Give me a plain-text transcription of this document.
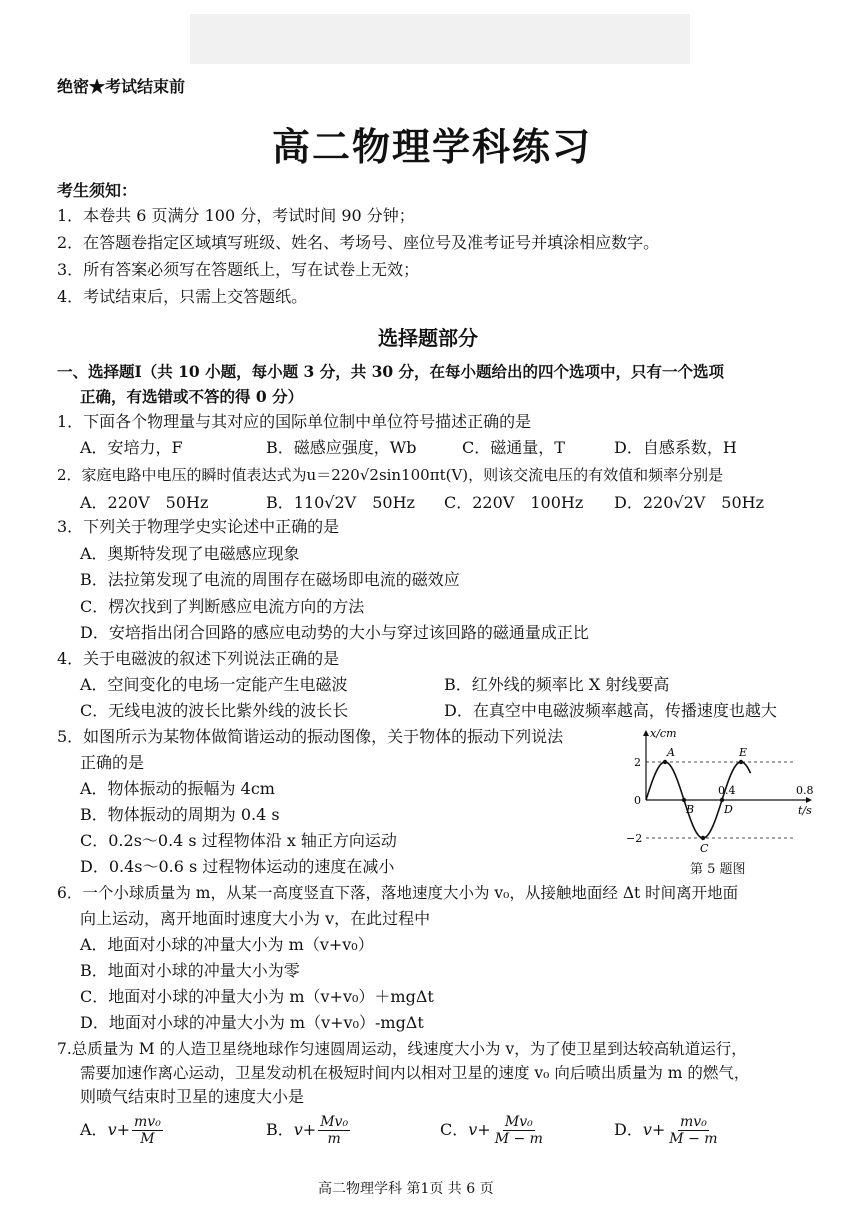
绝密★考试结束前
高二物理学科练习
考生须知：
1．本卷共 6 页满分 100 分，考试时间 90 分钟；
2．在答题卷指定区域填写班级、姓名、考场号、座位号及准考证号并填涂相应数字。
3．所有答案必须写在答题纸上，写在试卷上无效；
4．考试结束后，只需上交答题纸。
选择题部分
一、选择题Ⅰ（共 10 小题，每小题 3 分，共 30 分，在每小题给出的四个选项中，只有一个选项
正确，有选错或不答的得 0 分）
1．下面各个物理量与其对应的国际单位制中单位符号描述正确的是
A．安培力，F	B．磁感应强度，Wb	C．磁通量，T	D．自感系数，H
2．家庭电路中电压的瞬时值表达式为u＝220√2sin100πt(V)，则该交流电压的有效值和频率分别是
A．220V　50Hz	B．110√2V　50Hz C．220V　100Hz D．220√2V　50Hz
3．下列关于物理学史实论述中正确的是
A．奥斯特发现了电磁感应现象
B．法拉第发现了电流的周围存在磁场即电流的磁效应
C．楞次找到了判断感应电流方向的方法
D．安培指出闭合回路的感应电动势的大小与穿过该回路的磁通量成正比
4．关于电磁波的叙述下列说法正确的是
A．空间变化的电场一定能产生电磁波	B．红外线的频率比 X 射线要高
C．无线电波的波长比紫外线的波长长	D．在真空中电磁波频率越高，传播速度也越大
5．如图所示为某物体做简谐运动的振动图像，关于物体的振动下列说法
正确的是
A．物体振动的振幅为 4cm
B．物体振动的周期为 0.4 s
C．0.2s～0.4 s 过程物体沿 x 轴正方向运动
D．0.4s～0.6 s 过程物体运动的速度在减小
x/cm
t/s
2
0
−2
0.4	0.8
A
B
C
D
E
第 5 题图
6．一个小球质量为 m，从某一高度竖直下落，落地速度大小为 v₀，从接触地面经 Δt 时间离开地面
向上运动，离开地面时速度大小为 v，在此过程中
A．地面对小球的冲量大小为 m（v+v₀）
B．地面对小球的冲量大小为零
C．地面对小球的冲量大小为 m（v+v₀）＋mgΔt
D．地面对小球的冲量大小为 m（v+v₀）-mgΔt
7.总质量为 M 的人造卫星绕地球作匀速圆周运动，线速度大小为 v，为了使卫星到达较高轨道运行，
需要加速作离心运动，卫星发动机在极短时间内以相对卫星的速度 v₀ 向后喷出质量为 m 的燃气，
则喷气结束时卫星的速度大小是
A．$v+ \frac{\text{mv₀}}{M}$	B．$v+ \frac{\text{Mv₀}}{m}$	C．$v+ \frac{\text{Mv₀}}{M - m}$	D．$v+ \frac{\text{mv₀}}{M - m}$
高二物理学科 第1页 共 6 页
